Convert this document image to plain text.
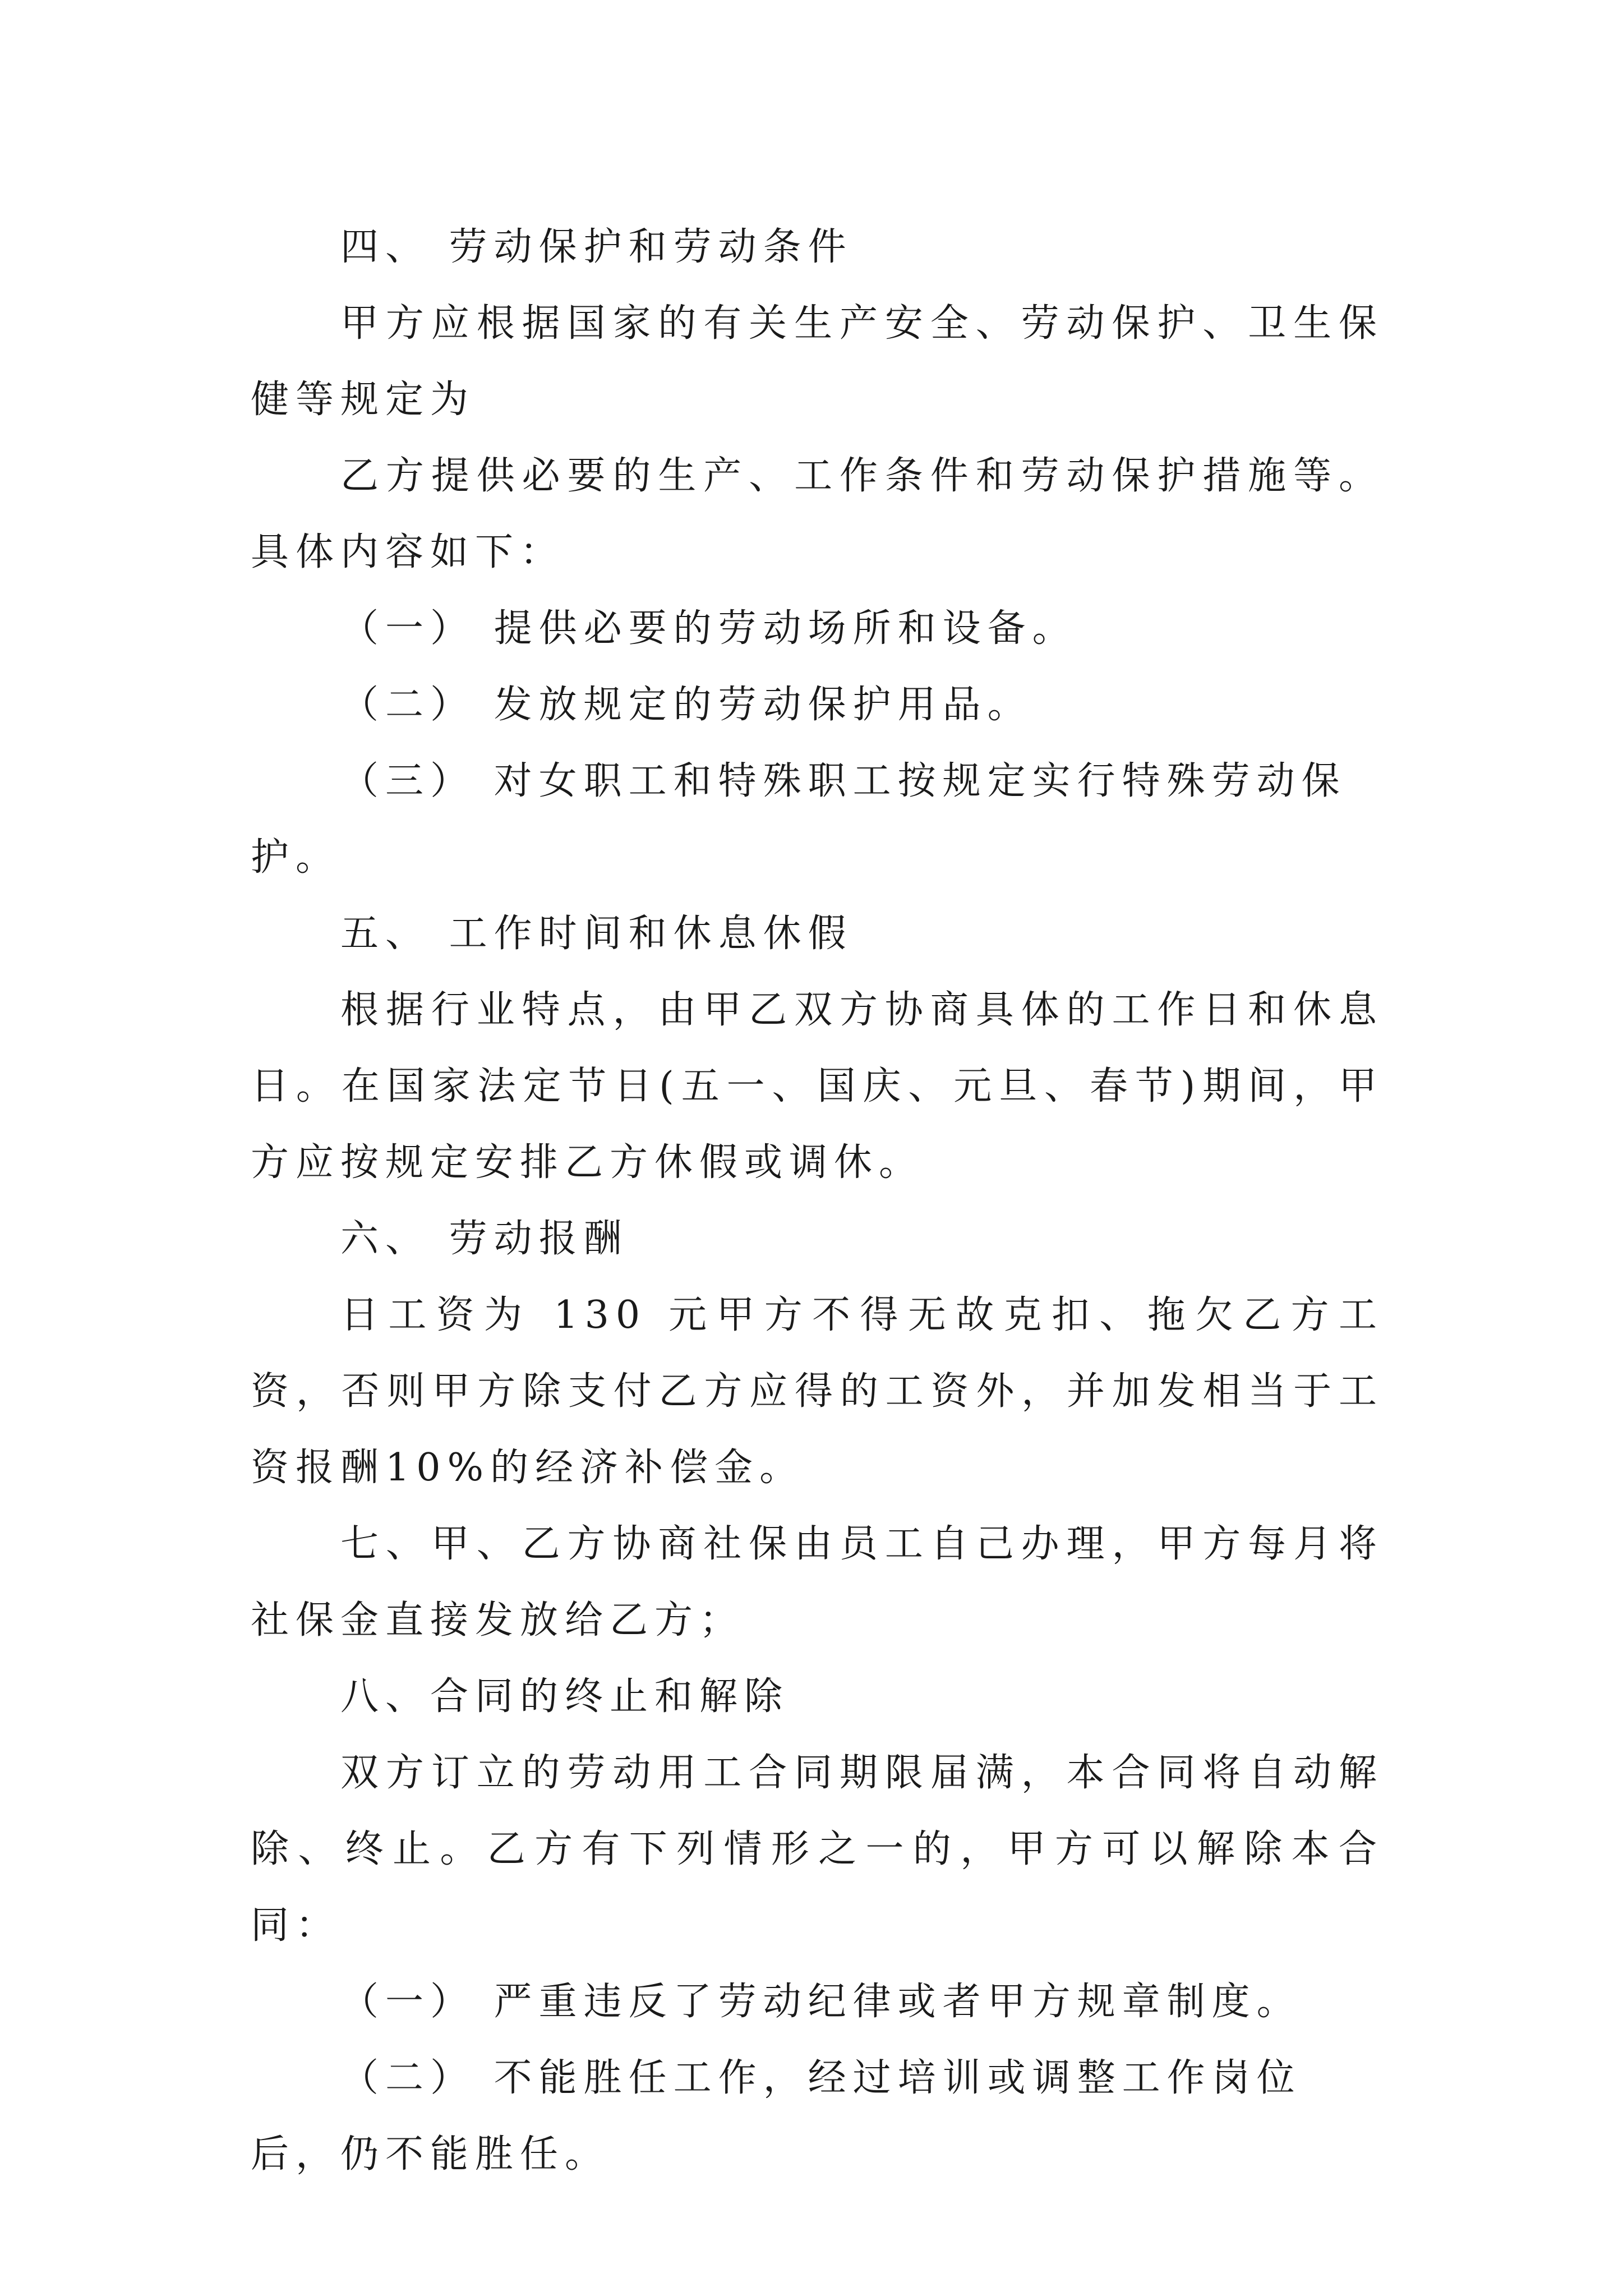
四、 劳动保护和劳动条件

甲方应根据国家的有关生产安全、劳动保护、卫生保健等规定为

乙方提供必要的生产、工作条件和劳动保护措施等。具体内容如下：

（一） 提供必要的劳动场所和设备。

（二） 发放规定的劳动保护用品。

（三） 对女职工和特殊职工按规定实行特殊劳动保护。

五、 工作时间和休息休假

根据行业特点，由甲乙双方协商具体的工作日和休息日。在国家法定节日(五一、国庆、元旦、春节)期间，甲方应按规定安排乙方休假或调休。

六、 劳动报酬

日工资为 130 元甲方不得无故克扣、拖欠乙方工资，否则甲方除支付乙方应得的工资外，并加发相当于工资报酬10%的经济补偿金。

七、甲、乙方协商社保由员工自己办理，甲方每月将社保金直接发放给乙方；

八、合同的终止和解除

双方订立的劳动用工合同期限届满，本合同将自动解除、终止。乙方有下列情形之一的，甲方可以解除本合同：

（一） 严重违反了劳动纪律或者甲方规章制度。

（二） 不能胜任工作，经过培训或调整工作岗位后，仍不能胜任。
